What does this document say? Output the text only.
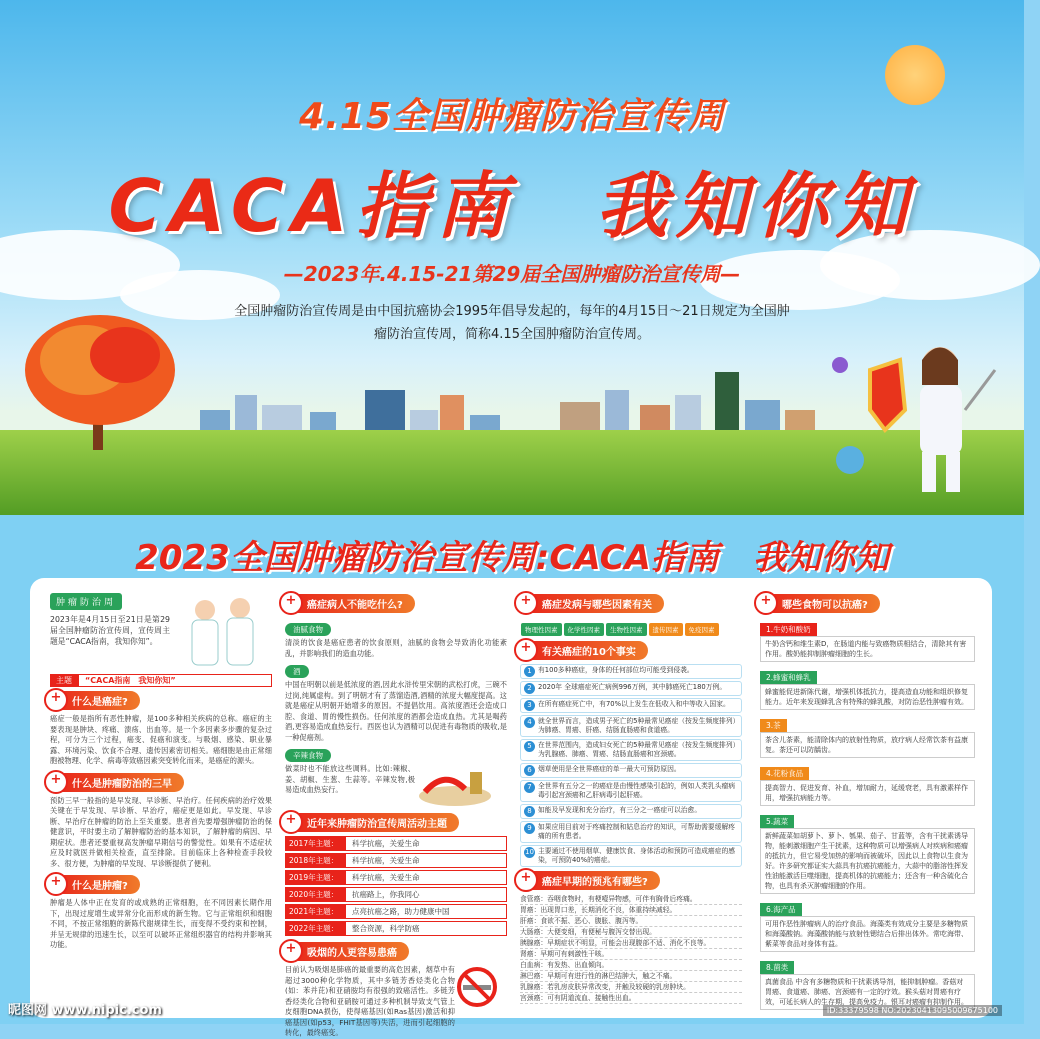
4.15全国肿瘤防治宣传周
CACA指南　我知你知
—2023年.4.15-21第29届全国肿瘤防治宣传周—
全国肿瘤防治宣传周是由中国抗癌协会1995年倡导发起的，每年的4月15日～21日规定为全国肿瘤防治宣传周，简称4.15全国肿瘤防治宣传周。
2023全国肿瘤防治宣传周:CACA指南　我知你知
肿瘤防治周
2023年是4月15日至21日是第29届全国肿瘤防治宣传周，宣传周主题是“CACA指南，我知你知”。
主题	“CACA指南　我知你知”
+ 什么是癌症?
癌症一般是指所有恶性肿瘤，是100多种相关疾病的总称。癌症的主要表现是肿块、疼痛、溃疡、出血等。是一个多因素多步骤的复杂过程，可分为三个过程，癌变、促癌和演变。与吸烟、感染、职业暴露、环境污染、饮食不合理、遗传因素密切相关。癌细胞是由正常细胞被物理、化学、病毒等致癌因素突变转化而来，是癌症的源头。
+ 什么是肿瘤防治的三早
预防三早一般指的是早发现、早诊断、早治疗。任何疾病的治疗效果关键在于早发现、早诊断、早治疗，癌症更是如此。早发现、早诊断、早治疗在肿瘤的防治上至关重要。患者首先要增强肿瘤防治的保健意识，平时要主动了解肿瘤防治的基本知识，了解肿瘤的病因、早期症状。患者还要重视高发肿瘤早期信号的警觉性。如果有不适症状应及时就医并做相关检查，直至排除。目前临床上各种检查手段较多、很方便，为肿瘤的早发现、早诊断提供了便利。
+ 什么是肿瘤?
肿瘤是人体中正在发育的或成熟的正常细胞，在不同因素长期作用下，出现过度增生或异常分化而形成的新生物。它与正常组织和细胞不同，不按正常细胞的新陈代谢规律生长，而变得不受约束和控制，并呈无规律的迅速生长，以至可以破坏正常组织器官的结构并影响其功能。
+ 癌症病人不能吃什么?
油腻食物
清淡的饮食是癌症患者的饮食原则，油腻的食物会导致消化功能紊乱，并影响我们的造血功能。
酒
中国在明朝以前是低浓度的酒,因此水浒传里宋朝的武松打虎，三碗不过岗,纯属虚构。到了明朝才有了蒸馏造酒,酒精的浓度大幅度提高。这就是癌症从明朝开始增多的原因。不提倡饮用。高浓度酒还会造成口腔、食道、胃的慢性损伤。任何浓度的酒都会造成血热。尤其是喝药酒,更容易造成血热妄行。西医也认为酒精可以促进有毒物质的吸收,是一种促癌剂。
辛辣食物
做菜时也不能放这些调料。比如:辣椒、姜、胡椒、生葱、生蒜等。辛辣发物,极易造成血热妄行。
+ 近年来肿瘤防治宣传周活动主题
2017年主题：	科学抗癌，关爱生命
2018年主题：	科学抗癌，关爱生命
2019年主题：	科学抗癌，关爱生命
2020年主题：	抗癌路上，你我同心
2021年主题：	点亮抗癌之路，助力健康中国
2022年主题：	整合资源，科学防癌
+ 吸烟的人更容易患癌
目前认为吸烟是肺癌的最重要的高危因素，烟草中有超过3000种化学物质，其中多链芳香烃类化合物(如：苯并芘)和亚硝胺均有很强的致癌活性。多链芳香烃类化合物和亚硝胺可通过多种机制导致支气管上皮细胞DNA损伤，使得癌基因(如Ras基因)激活和抑癌基因(如p53，FHIT基因等)失活，进而引起细胞的转化，最终癌变。
+ 癌症发病与哪些因素有关
物理性因素 化学性因素 生物性因素 遗传因素 免疫因素
+ 有关癌症的10个事实
1 有100多种癌症，身体的任何部位均可能受到侵袭。
2 2020年 全球癌症死亡病例996万例，其中肺癌死亡180万例。
3 在所有癌症死亡中，有70%以上发生在低收入和中等收入国家。
4 就全世界而言，造成男子死亡的5种最常见癌症（按发生频度排列）为肺癌、胃癌、肝癌、结肠直肠癌和食道癌。
5 在世界范围内，造成妇女死亡的5种最常见癌症（按发生频度排列）为乳腺癌、肺癌、胃癌、结肠直肠癌和宫颈癌。
6 烟草使用是全世界癌症的单一最大可预防原因。
7 全世界有五分之一的癌症是由慢性感染引起的，例如人类乳头瘤病毒引起宫颈癌和乙肝病毒引起肝癌。
8 如能及早发现和充分治疗，有三分之一癌症可以治愈。
9 如果应用目前对于疼痛控制和姑息治疗的知识，可帮助需要缓解疼痛的所有患者。
10 主要通过不使用烟草、健康饮食、身体活动和预防可造成癌症的感染，可预防40%的癌症。
+ 癌症早期的预兆有哪些?
食管癌：吞咽食物时，有梗噎异物感，可伴有胸骨后疼痛。
胃癌：出现胃口差，长期消化不良，体重持续减轻。
肝癌：食欲不振、恶心、腹胀、腹泻等。
大肠癌：大便变细，有便秘与腹泻交替出现。
胰腺癌：早期症状不明显，可能会出现腹部不适、消化不良等。
肾癌：早期可有刺激性干咳。
白血病：有发热、出血倾向。
淋巴癌：早期可有进行性的淋巴结肿大，触之不痛。
乳腺癌：若乳房皮肤异常改变，并触及较硬的乳房肿块。
宫颈癌：可有阴道流血、接触性出血。
+ 哪些食物可以抗癌?
1.牛奶和酸奶
牛奶含钙和维生素D，在肠道内能与致癌物质相结合，清除其有害作用。酸奶能抑制肿瘤细胞的生长。
2.蜂蜜和蜂乳
蜂蜜能促进新陈代谢，增强机体抵抗力，提高造血功能和组织修复能力。近年来发现蜂乳含有特殊的蜂乳酸，对防治恶性肿瘤有效。
3.茶
茶含儿茶素，能清除体内的放射性物质，放疗病人经常饮茶有益康复。茶还可以防龋齿。
4.花粉食品
提高智力、促进发育、补血，增加耐力，延缓衰老，具有激素样作用，增强抗病能力等。
5.蔬菜
新鲜蔬菜如胡萝卜、萝卜、瓠果、茄子、甘蓝等，含有干扰素诱导物，能刺激细胞产生干扰素，这种物质可以增强病人对疾病和癌瘤的抵抗力，但它易受加热的影响而被破坏，因此以上食物以生食为好。许多研究都证实大蒜具有抗癌抗癌能力，大蒜中的脂溶性挥发性油能激活巨噬细胞，提高机体的抗癌能力；还含有一种含硫化合物，也具有杀灭肿瘤细胞的作用。
6.海产品
可用作恶性肿瘤病人的治疗食品。海藻类有效成分主要是多糖物质和海藻酸钠。海藻酸钠能与放射性锶结合后排出体外。常吃海带、紫菜等食品对身体有益。
8.菌类
真菌食品 中含有多糖物质和干扰素诱导剂，能抑制肿瘤。香菇对胃癌、食道癌、肺癌、宫颈癌有一定的疗效。猴头菇对胃癌有疗效，可延长病人的生存期，提高免疫力。银耳对癌瘤有抑制作用。
昵图网 www.nipic.com	ID:33379598 NO:20230413095009675100
